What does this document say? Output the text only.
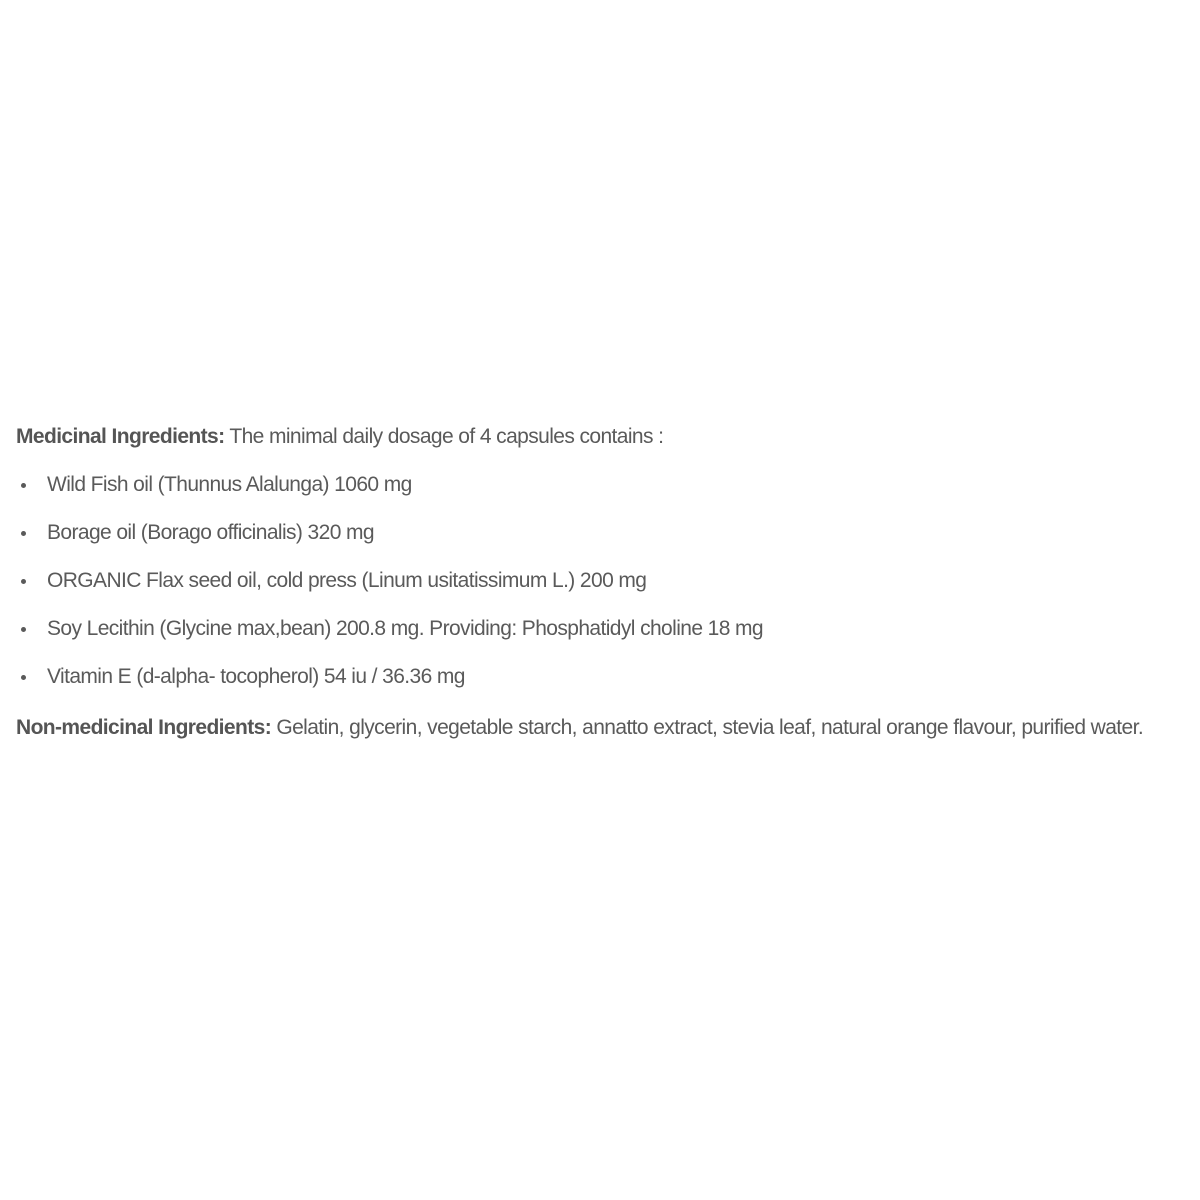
Medicinal Ingredients: The minimal daily dosage of 4 capsules contains :

Wild Fish oil (Thunnus Alalunga) 1060 mg
Borage oil (Borago officinalis) 320 mg
ORGANIC Flax seed oil, cold press (Linum usitatissimum L.) 200 mg
Soy Lecithin (Glycine max,bean) 200.8 mg. Providing: Phosphatidyl choline 18 mg
Vitamin E (d-alpha- tocopherol) 54 iu / 36.36 mg

Non-medicinal Ingredients: Gelatin, glycerin, vegetable starch, annatto extract, stevia leaf, natural orange flavour, purified water.
